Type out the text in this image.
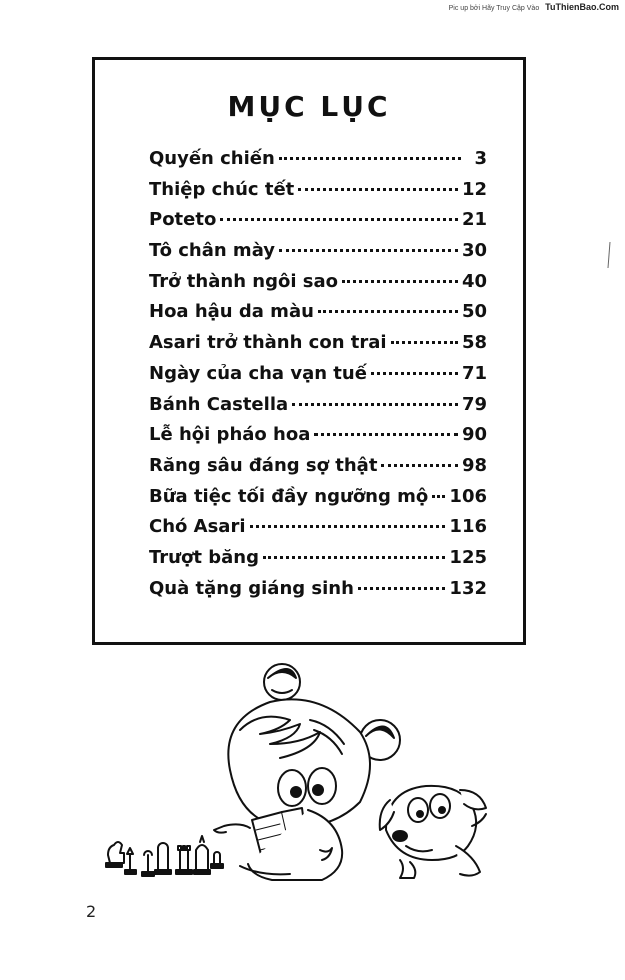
Pic up bởi Hãy Truy Cập Vào TuThienBao.Com
MỤC LỤC
Quyến chiến	3
Thiệp chúc tết	12
Poteto	21
Tô chân mày	30
Trở thành ngôi sao	40
Hoa hậu da màu	50
Asari trở thành con trai	58
Ngày của cha vạn tuế	71
Bánh Castella	79
Lễ hội pháo hoa	90
Răng sâu đáng sợ thật	98
Bữa tiệc tối đầy ngưỡng mộ 106
Chó Asari	116
Trượt băng	125
Quà tặng giáng sinh	132
2
